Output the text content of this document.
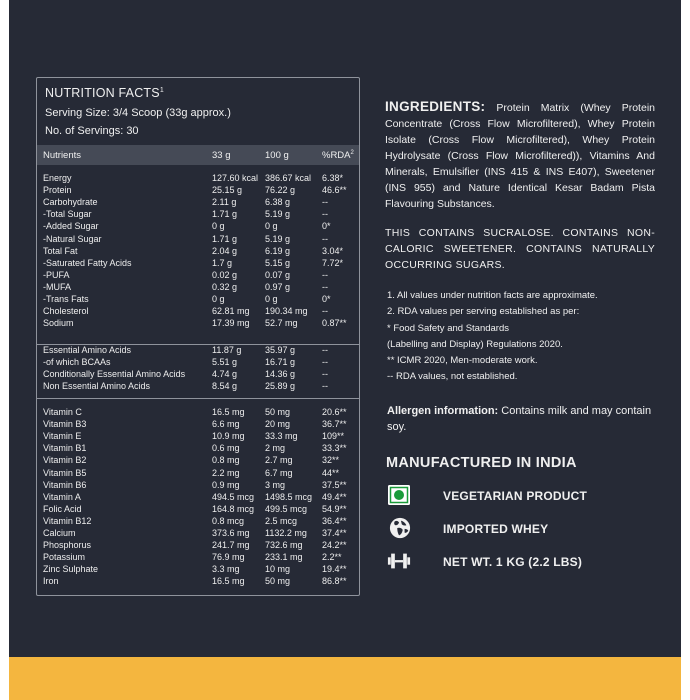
NUTRITION FACTS$^1$
Serving Size: 3/4 Scoop (33g approx.)
No. of Servings: 30
Nutrients	33 g	100 g	%RDA$^2$
Energy	127.60 kcal 386.67 kcal 6.38*
Protein	25.15 g	76.22 g	46.6**
Carbohydrate	2.11 g	6.38 g	--
-Total Sugar	1.71 g	5.19 g	--
-Added Sugar	0 g	0 g	0*
-Natural Sugar	1.71 g	5.19 g	--
Total Fat	2.04 g	6.19 g	3.04*
-Saturated Fatty Acids	1.7 g	5.15 g	7.72*
-PUFA	0.02 g	0.07 g	--
-MUFA	0.32 g	0.97 g	--
-Trans Fats	0 g	0 g	0*
Cholesterol	62.81 mg 190.34 mg --
Sodium	17.39 mg 52.7 mg	0.87**
Essential Amino Acids	11.87 g	35.97 g	--
-of which BCAAs	5.51 g	16.71 g	--
Conditionally Essential Amino Acids	4.74 g	14.36 g	--
Non Essential Amino Acids	8.54 g	25.89 g	--
Vitamin C	16.5 mg 50 mg	20.6**
Vitamin B3	6.6 mg	20 mg	36.7**
Vitamin E	10.9 mg 33.3 mg	109**
Vitamin B1	0.6 mg	2 mg	33.3**
Vitamin B2	0.8 mg	2.7 mg	32**
Vitamin B5	2.2 mg	6.7 mg	44**
Vitamin B6	0.9 mg	3 mg	37.5**
Vitamin A	494.5 mcg 1498.5 mcg 49.4**
Folic Acid	164.8 mcg 499.5 mcg 54.9**
Vitamin B12	0.8 mcg 2.5 mcg	36.4**
Calcium	373.6 mg 1132.2 mg 37.4**
Phosphorus	241.7 mg 732.6 mg 24.2**
Potassium	76.9 mg 233.1 mg 2.2**
Zinc Sulphate	3.3 mg	10 mg	19.4**
Iron	16.5 mg 50 mg	86.8**
INGREDIENTS: Protein Matrix (Whey Protein Concentrate (Cross Flow Microfiltered), Whey Protein Isolate (Cross Flow Microfiltered), Whey Protein Hydrolysate (Cross Flow Microfiltered)), Vitamins And Minerals, Emulsifier (INS 415 & INS E407), Sweetener (INS 955) and Nature Identical Kesar Badam Pista Flavouring Substances.
THIS CONTAINS SUCRALOSE. CONTAINS NON-CALORIC SWEETENER. CONTAINS NATURALLY OCCURRING SUGARS.
1. All values under nutrition facts are approximate.
2. RDA values per serving established as per:
* Food Safety and Standards
(Labelling and Display) Regulations 2020.
** ICMR 2020, Men-moderate work.
-- RDA values, not established.
Allergen information: Contains milk and may contain soy.
MANUFACTURED IN INDIA
VEGETARIAN PRODUCT
IMPORTED WHEY
NET WT. 1 KG (2.2 LBS)
